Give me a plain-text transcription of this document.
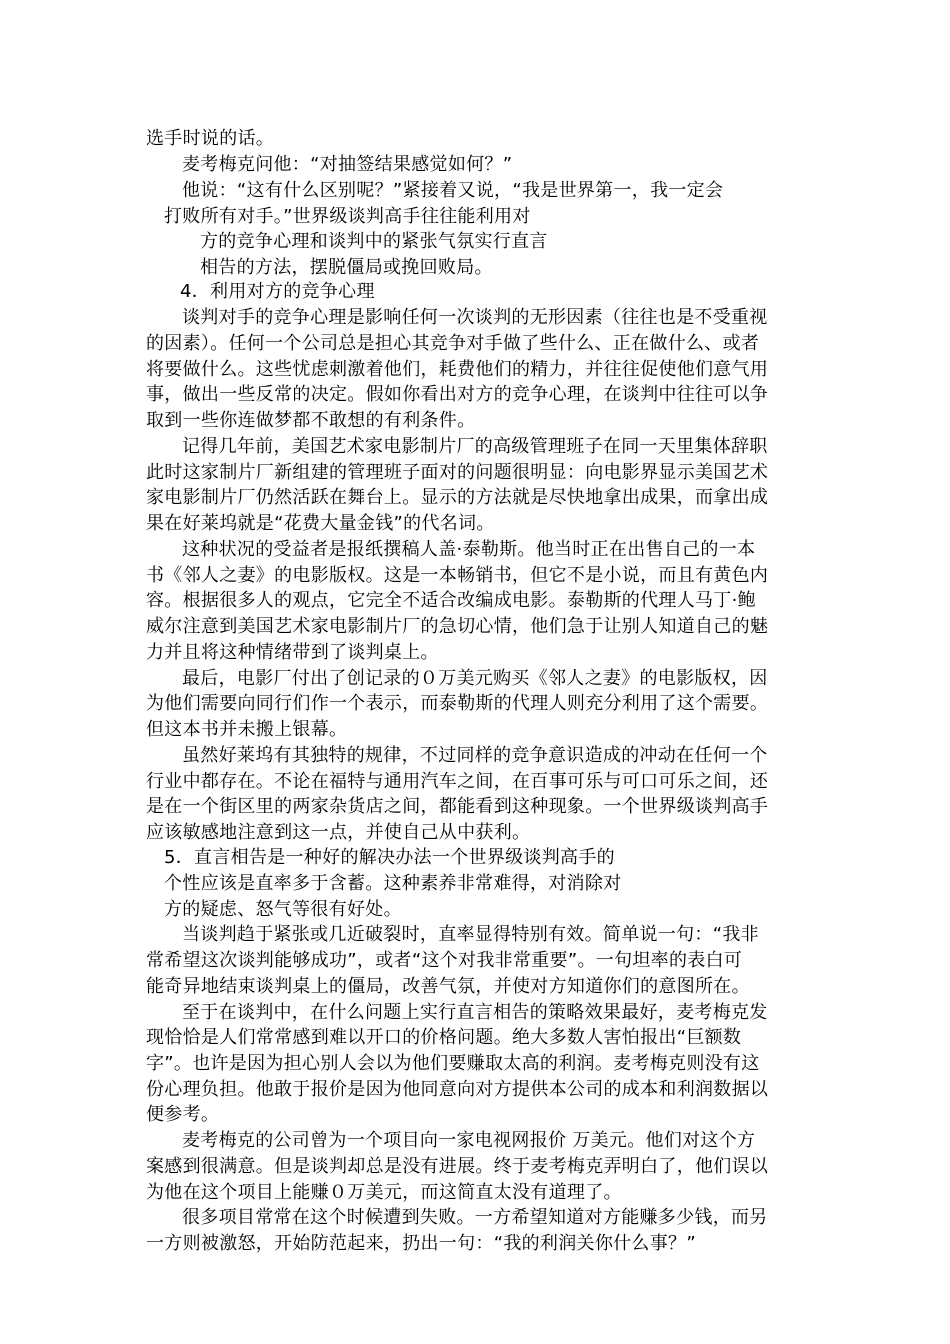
选手时说的话。

麦考梅克问他：“对抽签结果感觉如何？”

他说：“这有什么区别呢？”紧接着又说，“我是世界第一，我一定会

打败所有对手。”世界级谈判高手往往能利用对

方的竞争心理和谈判中的紧张气氛实行直言

相告的方法，摆脱僵局或挽回败局。

4．利用对方的竞争心理

谈判对手的竞争心理是影响任何一次谈判的无形因素（往往也是不受重视

的因素）。任何一个公司总是担心其竞争对手做了些什么、正在做什么、或者

将要做什么。这些忧虑刺激着他们，耗费他们的精力，并往往促使他们意气用

事，做出一些反常的决定。假如你看出对方的竞争心理，在谈判中往往可以争

取到一些你连做梦都不敢想的有利条件。

记得几年前，美国艺术家电影制片厂的高级管理班子在同一天里集体辞职

此时这家制片厂新组建的管理班子面对的问题很明显：向电影界显示美国艺术

家电影制片厂仍然活跃在舞台上。显示的方法就是尽快地拿出成果，而拿出成

果在好莱坞就是“花费大量金钱”的代名词。

这种状况的受益者是报纸撰稿人盖·泰勒斯。他当时正在出售自己的一本

书《邻人之妻》的电影版权。这是一本畅销书，但它不是小说，而且有黄色内

容。根据很多人的观点，它完全不适合改编成电影。泰勒斯的代理人马丁·鲍

威尔注意到美国艺术家电影制片厂的急切心情，他们急于让别人知道自己的魅

力并且将这种情绪带到了谈判桌上。

最后，电影厂付出了创记录的０万美元购买《邻人之妻》的电影版权，因

为他们需要向同行们作一个表示，而泰勒斯的代理人则充分利用了这个需要。

但这本书并未搬上银幕。

虽然好莱坞有其独特的规律，不过同样的竞争意识造成的冲动在任何一个

行业中都存在。不论在福特与通用汽车之间，在百事可乐与可口可乐之间，还

是在一个街区里的两家杂货店之间，都能看到这种现象。一个世界级谈判高手

应该敏感地注意到这一点，并使自己从中获利。

5．直言相告是一种好的解决办法一个世界级谈判高手的

个性应该是直率多于含蓄。这种素养非常难得，对消除对

方的疑虑、怒气等很有好处。

当谈判趋于紧张或几近破裂时，直率显得特别有效。简单说一句：“我非

常希望这次谈判能够成功”，或者“这个对我非常重要”。一句坦率的表白可

能奇异地结束谈判桌上的僵局，改善气氛，并使对方知道你们的意图所在。

至于在谈判中，在什么问题上实行直言相告的策略效果最好，麦考梅克发

现恰恰是人们常常感到难以开口的价格问题。绝大多数人害怕报出“巨额数

字”。也许是因为担心别人会以为他们要赚取太高的利润。麦考梅克则没有这

份心理负担。他敢于报价是因为他同意向对方提供本公司的成本和利润数据以

便参考。

麦考梅克的公司曾为一个项目向一家电视网报价 万美元。他们对这个方

案感到很满意。但是谈判却总是没有进展。终于麦考梅克弄明白了，他们误以

为他在这个项目上能赚０万美元，而这简直太没有道理了。

很多项目常常在这个时候遭到失败。一方希望知道对方能赚多少钱，而另

一方则被激怒，开始防范起来，扔出一句：“我的利润关你什么事？”
